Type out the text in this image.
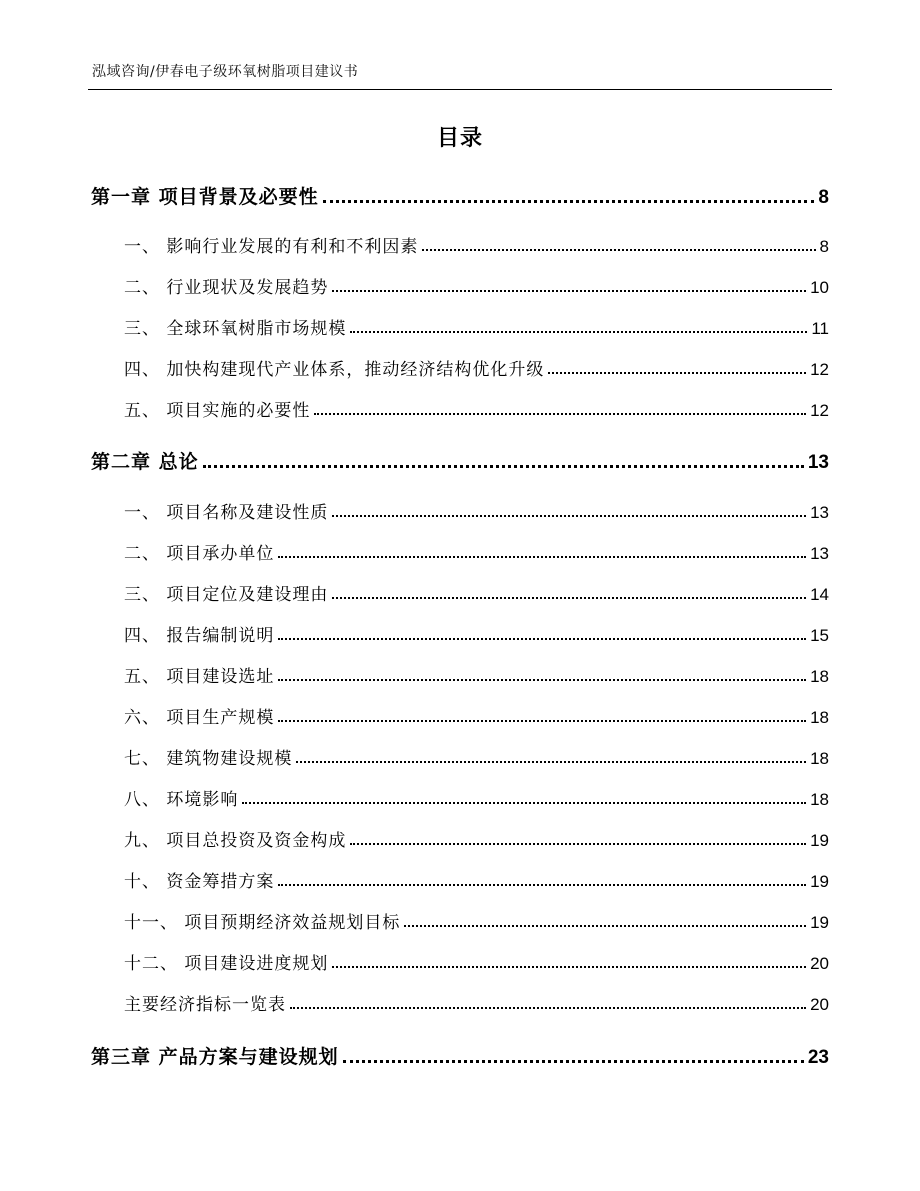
泓域咨询/伊春电子级环氧树脂项目建议书
目录
第一章 项目背景及必要性	8
一、 影响行业发展的有利和不利因素	8
二、 行业现状及发展趋势	10
三、 全球环氧树脂市场规模	11
四、 加快构建现代产业体系，推动经济结构优化升级	12
五、 项目实施的必要性	12
第二章 总论	13
一、 项目名称及建设性质	13
二、 项目承办单位	13
三、 项目定位及建设理由	14
四、 报告编制说明	15
五、 项目建设选址	18
六、 项目生产规模	18
七、 建筑物建设规模	18
八、 环境影响	18
九、 项目总投资及资金构成	19
十、 资金筹措方案	19
十一、 项目预期经济效益规划目标	19
十二、 项目建设进度规划	20
主要经济指标一览表	20
第三章 产品方案与建设规划	23
